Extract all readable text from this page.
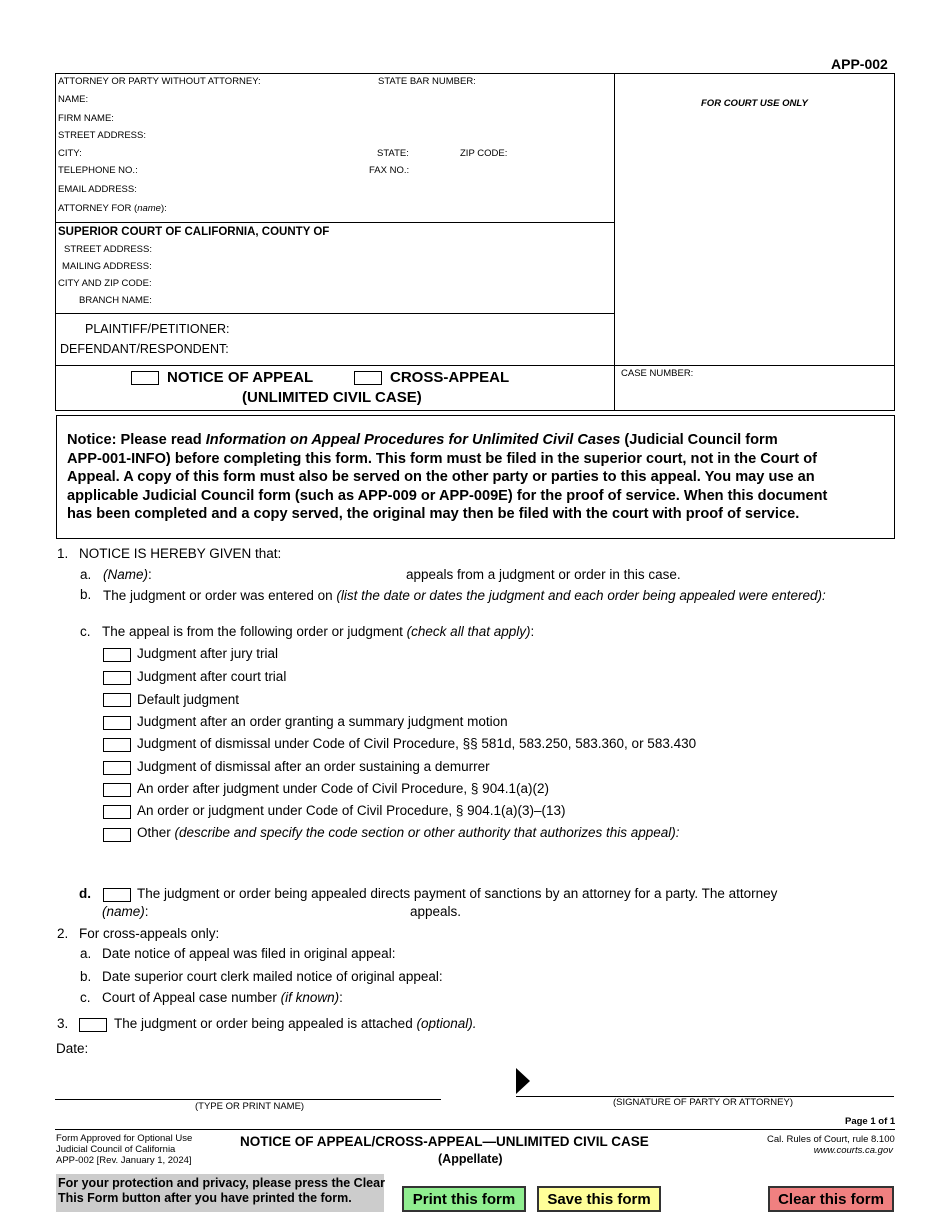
APP-002
ATTORNEY OR PARTY WITHOUT ATTORNEY:	STATE BAR NUMBER:
NAME:
FIRM NAME:
STREET ADDRESS:
CITY:	STATE:	ZIP CODE:
TELEPHONE NO.:	FAX NO.:
EMAIL ADDRESS:
ATTORNEY FOR (name):
FOR COURT USE ONLY
SUPERIOR COURT OF CALIFORNIA, COUNTY OF
STREET ADDRESS:
MAILING ADDRESS:
CITY AND ZIP CODE:
BRANCH NAME:
PLAINTIFF/PETITIONER:
DEFENDANT/RESPONDENT:
NOTICE OF APPEAL	CROSS-APPEAL
(UNLIMITED CIVIL CASE)
CASE NUMBER:
Notice: Please read Information on Appeal Procedures for Unlimited Civil Cases (Judicial Council form
APP-001-INFO) before completing this form. This form must be filed in the superior court, not in the Court of
Appeal. A copy of this form must also be served on the other party or parties to this appeal. You may use an
applicable Judicial Council form (such as APP-009 or APP-009E) for the proof of service. When this document
has been completed and a copy served, the original may then be filed with the court with proof of service.
1. NOTICE IS HEREBY GIVEN that:
a. (Name):	appeals from a judgment or order in this case.
b. The judgment or order was entered on (list the date or dates the judgment and each order being appealed were entered):
c. The appeal is from the following order or judgment (check all that apply):
Judgment after jury trial
Judgment after court trial
Default judgment
Judgment after an order granting a summary judgment motion
Judgment of dismissal under Code of Civil Procedure, §§ 581d, 583.250, 583.360, or 583.430
Judgment of dismissal after an order sustaining a demurrer
An order after judgment under Code of Civil Procedure, § 904.1(a)(2)
An order or judgment under Code of Civil Procedure, § 904.1(a)(3)–(13)
Other (describe and specify the code section or other authority that authorizes this appeal):
d.	The judgment or order being appealed directs payment of sanctions by an attorney for a party. The attorney
(name):	appeals.
2. For cross-appeals only:
a. Date notice of appeal was filed in original appeal:
b. Date superior court clerk mailed notice of original appeal:
c. Court of Appeal case number (if known):
3.	The judgment or order being appealed is attached (optional).
Date:
(TYPE OR PRINT NAME)	(SIGNATURE OF PARTY OR ATTORNEY)
Page 1 of 1
Form Approved for Optional Use
Judicial Council of California
APP-002 [Rev. January 1, 2024]
NOTICE OF APPEAL/CROSS-APPEAL—UNLIMITED CIVIL CASE
(Appellate)
Cal. Rules of Court, rule 8.100
www.courts.ca.gov
For your protection and privacy, please press the Clear
This Form button after you have printed the form.	Print this form	Save this form	Clear this form
